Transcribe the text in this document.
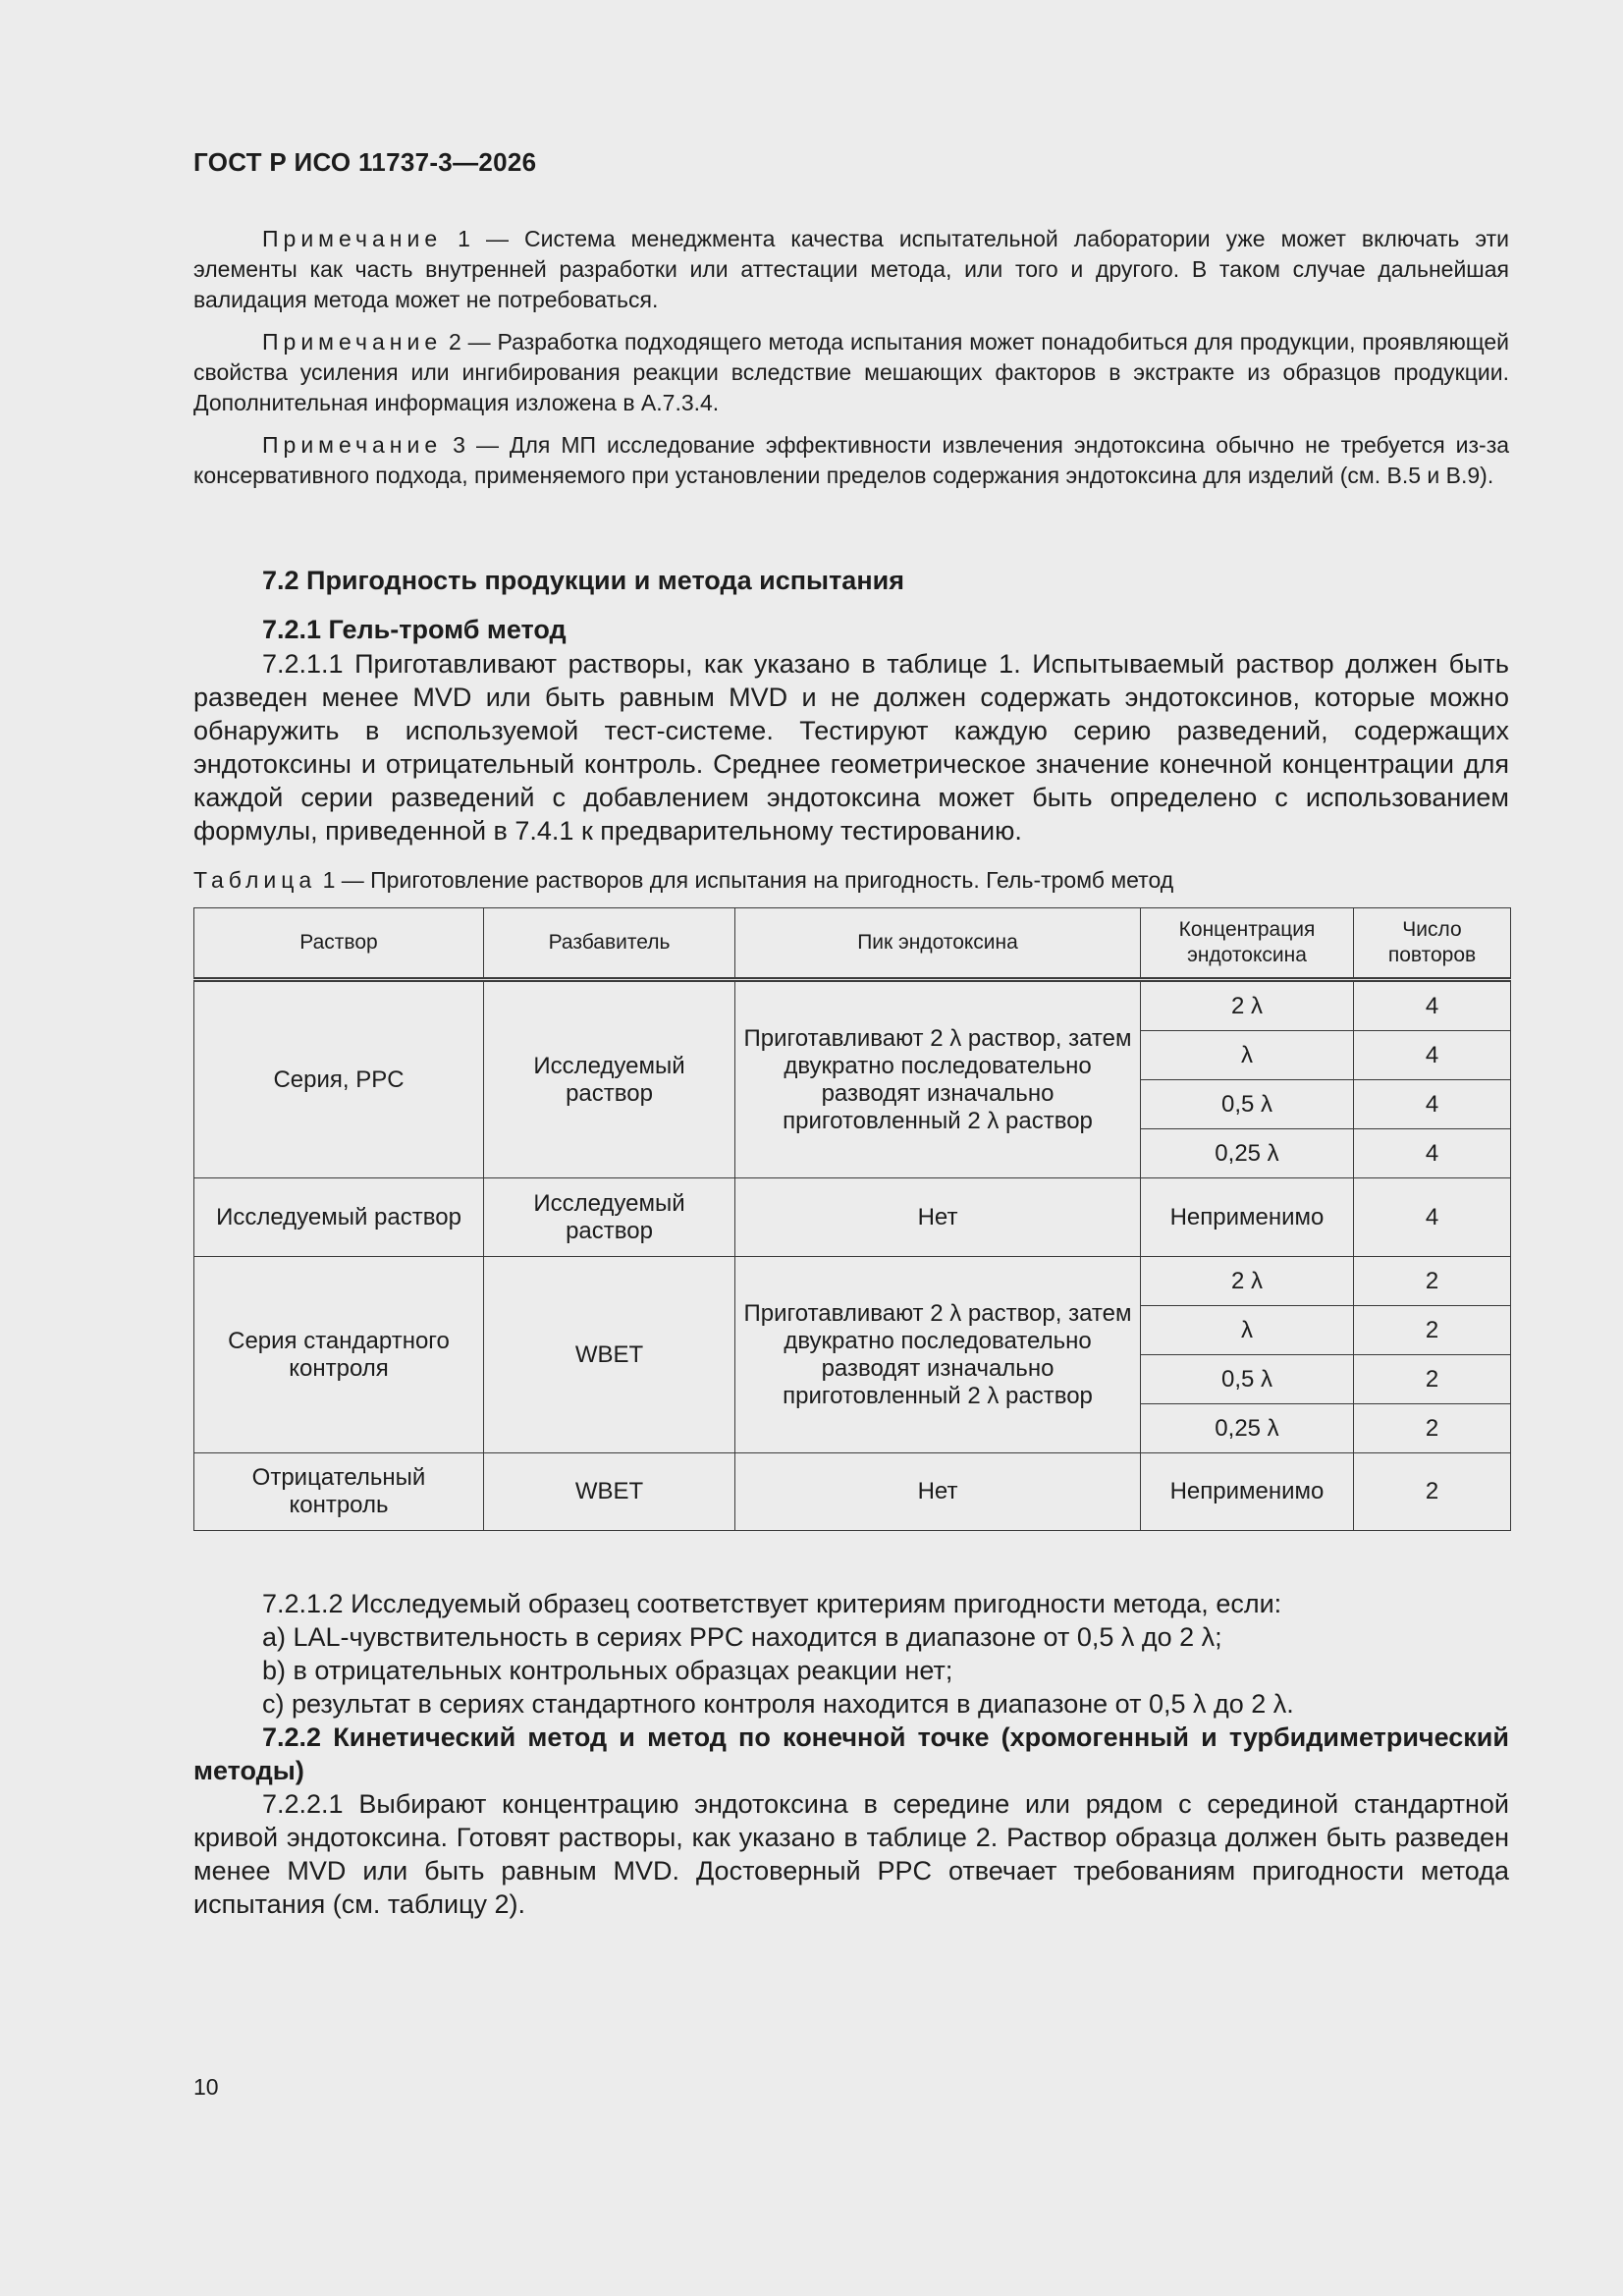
ГОСТ Р ИСО 11737-3—2026

Примечание 1 — Система менеджмента качества испытательной лаборатории уже может включать эти элементы как часть внутренней разработки или аттестации метода, или того и другого. В таком случае дальнейшая валидация метода может не потребоваться.

Примечание 2 — Разработка подходящего метода испытания может понадобиться для продукции, проявляющей свойства усиления или ингибирования реакции вследствие мешающих факторов в экстракте из образцов продукции. Дополнительная информация изложена в А.7.3.4.

Примечание 3 — Для МП исследование эффективности извлечения эндотоксина обычно не требуется из-за консервативного подхода, применяемого при установлении пределов содержания эндотоксина для изделий (см. В.5 и В.9).

7.2 Пригодность продукции и метода испытания
7.2.1 Гель-тромб метод

7.2.1.1 Приготавливают растворы, как указано в таблице 1. Испытываемый раствор должен быть разведен менее MVD или быть равным MVD и не должен содержать эндотоксинов, которые можно обнаружить в используемой тест-системе. Тестируют каждую серию разведений, содержащих эндотоксины и отрицательный контроль. Среднее геометрическое значение конечной концентрации для каждой серии разведений с добавлением эндотоксина может быть определено с использованием формулы, приведенной в 7.4.1 к предварительному тестированию.

Таблица 1 — Приготовление растворов для испытания на пригодность. Гель-тромб метод
Раствор	Разбавитель	Пик эндотоксина	Концентрация эндотоксина	Число повторов
Серия, PPC	Исследуемый раствор	Приготавливают 2 λ раствор, затем двукратно последовательно разводят изначально приготовленный 2 λ раствор	2 λ	4
			λ	4
			0,5 λ	4
			0,25 λ	4
Исследуемый раствор	Исследуемый раствор	Нет	Неприменимо	4
Серия стандартного контроля	WBET	Приготавливают 2 λ раствор, затем двукратно последовательно разводят изначально приготовленный 2 λ раствор	2 λ	2
			λ	2
			0,5 λ	2
			0,25 λ	2
Отрицательный контроль	WBET	Нет	Неприменимо	2
7.2.1.2 Исследуемый образец соответствует критериям пригодности метода, если:
a) LAL-чувствительность в сериях PPC находится в диапазоне от 0,5 λ до 2 λ;
b) в отрицательных контрольных образцах реакции нет;
c) результат в сериях стандартного контроля находится в диапазоне от 0,5 λ до 2 λ.

7.2.2 Кинетический метод и метод по конечной точке (хромогенный и турбидиметрический методы)

7.2.2.1 Выбирают концентрацию эндотоксина в середине или рядом с серединой стандартной кривой эндотоксина. Готовят растворы, как указано в таблице 2. Раствор образца должен быть разведен менее MVD или быть равным MVD. Достоверный PPC отвечает требованиям пригодности метода испытания (см. таблицу 2).

10
